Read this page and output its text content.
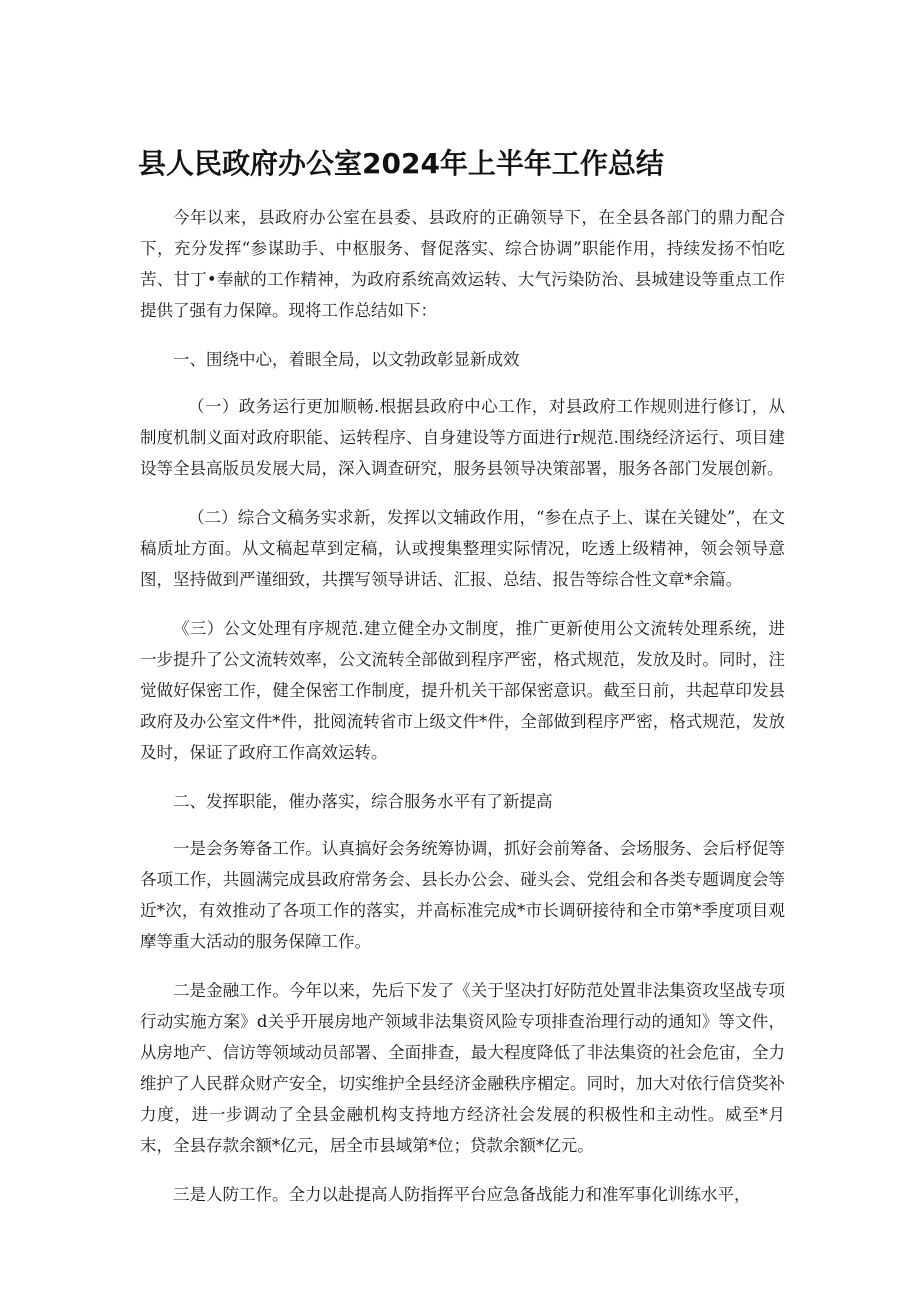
县人民政府办公室2024年上半年工作总结

今年以来，县政府办公室在县委、县政府的正确领导下，在全县各部门的鼎力配合下，充分发挥“参谋助手、中枢服务、督促落实、综合协调”职能作用，持续发扬不怕吃苦、甘丁•奉献的工作精神，为政府系统高效运转、大气污染防治、县城建设等重点工作提供了强有力保障。现将工作总结如下：

一、围绕中心，着眼全局，以文勃政彰显新成效

（一）政务运行更加顺畅.根据县政府中心工作，对县政府工作规则进行修订，从制度机制义面对政府职能、运转程序、自身建设等方面进行r规范.围绕经济运行、项目建设等全县高版员发展大局，深入调查研究，服务县领导决策部署，服务各部门发展创新。

（二）综合文稿务实求新，发挥以文辅政作用，“参在点子上、谋在关键处”，在文稿质址方面。从文稿起草到定稿，认或搜集整理实际情况，吃透上级精神，领会领导意图，坚持做到严谨细致，共撰写领导讲话、汇报、总结、报告等综合性文章*余篇。

《三）公文处理有序规范.建立健全办文制度，推广更新使用公文流转处理系统，进一步提升了公文流转效率，公文流转全部做到程序严密，格式规范，发放及时。同时，注觉做好保密工作，健全保密工作制度，提升机关干部保密意识。截至日前，共起草印发县政府及办公室文件*件，批阅流转省市上级文件*件，全部做到程序严密，格式规范，发放及时，保证了政府工作高效运转。

二、发挥职能，催办落实，综合服务水平有了新提高

一是会务筹备工作。认真搞好会务统筹协调，抓好会前筹备、会场服务、会后杼促等各项工作，共圆满完成县政府常务会、县长办公会、碰头会、党组会和各类专题调度会等近*次，有效推动了各项工作的落实，并高标准完成*市长调研接待和全市第*季度项目观摩等重大活动的服务保障工作。

二是金融工作。今年以来，先后下发了《关于坚决打好防范处置非法集资攻坚战专项行动实施方案》d关乎开展房地产领域非法集资风险专项排查治理行动的通知》等文件，从房地产、信访等领域动员部署、全面排查，最大程度降低了非法集资的社会危宙，全力维护了人民群众财产安全，切实维护全县经济金融秩序楣定。同时，加大对依行信贷奖补力度，进一步调动了全县金融机构支持地方经济社会发展的积极性和主动性。威至*月末，全县存款余额*亿元，居全市县域第*位；贷款余额*亿元。

三是人防工作。全力以赴提高人防指挥平台应急备战能力和准军事化训练水平，
